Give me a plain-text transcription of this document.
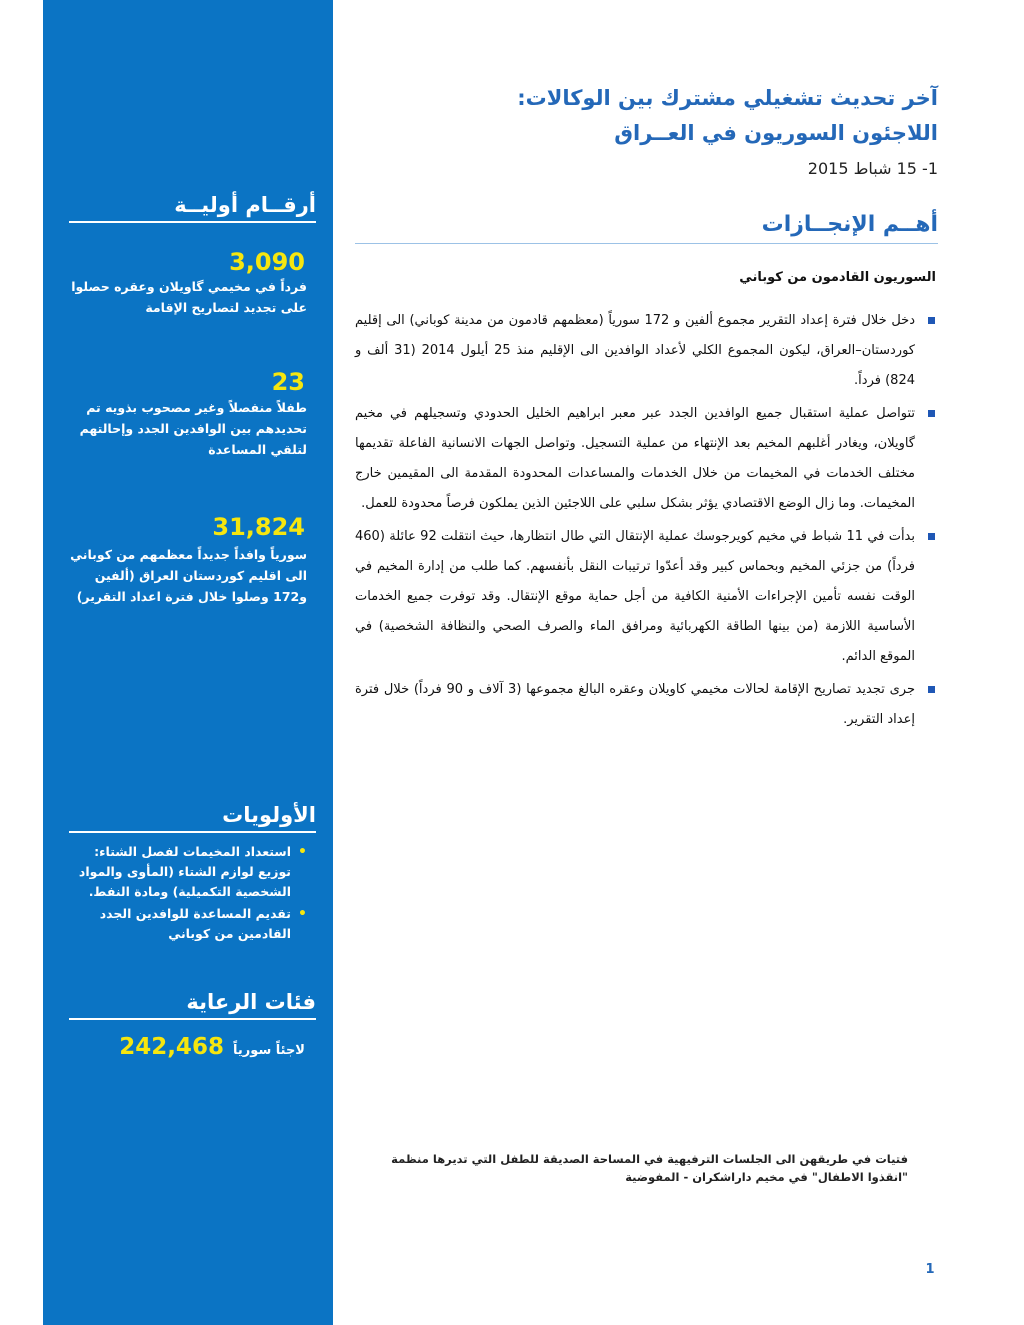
أرقــام أوليــة
3,090
فرداً في مخيمي گاويلان وعقره حصلوا على تجديد لتصاريح الإقامة
23
طفلاً منفصلاً وغير مصحوب بذويه تم تحديدهم بين الوافدين الجدد وإحالتهم لتلقي المساعدة
31,824
سورياً وافداً جديداً معظمهم من كوباني الى اقليم كوردستان العراق (ألفين و172 وصلوا خلال فترة اعداد التقرير)
الأولويات
•
استعداد المخيمات لفصل الشتاء: توزيع لوازم الشتاء (المأوى والمواد الشخصية التكميلية) ومادة النفط.
•
تقديم المساعدة للوافدين الجدد القادمين من كوباني
فئات الرعاية
لاجئاً سورياً 242,468
آخر تحديث تشغيلي مشترك بين الوكالات:
اللاجئون السوريون في العــراق
1- 15 شباط 2015
أهــم الإنجــازات
السوريون القادمون من كوباني
دخل خلال فترة إعداد التقرير مجموع ألفين و 172 سورياً (معظمهم قادمون من مدينة كوباني) الى إقليم كوردستان–العراق، ليكون المجموع الكلي لأعداد الوافدين الى الإقليم منذ 25 أيلول 2014 (31 ألف و 824) فرداً.
تتواصل عملية استقبال جميع الوافدين الجدد عبر معبر ابراهيم الخليل الحدودي وتسجيلهم في مخيم گاويلان، ويغادر أغلبهم المخيم بعد الإنتهاء من عملية التسجيل. وتواصل الجهات الانسانية الفاعلة تقديمها مختلف الخدمات في المخيمات من خلال الخدمات والمساعدات المحدودة المقدمة الى المقيمين خارج المخيمات. وما زال الوضع الاقتصادي يؤثر بشكل سلبي على اللاجئين الذين يملكون فرصاً محدودة للعمل.
بدأت في 11 شباط في مخيم كويرجوسك عملية الإنتقال التي طال انتظارها، حيث انتقلت 92 عائلة (460 فرداً) من جزئي المخيم وبحماس كبير وقد أعدّوا ترتيبات النقل بأنفسهم. كما طلب من إدارة المخيم في الوقت نفسه تأمين الإجراءات الأمنية الكافية من أجل حماية موقع الإنتقال. وقد توفرت جميع الخدمات الأساسية اللازمة (من بينها الطاقة الكهربائية ومرافق الماء والصرف الصحي والنظافة الشخصية) في الموقع الدائم.
جرى تجديد تصاريح الإقامة لحالات مخيمي كاويلان وعقره البالغ مجموعها (3 آلاف و 90 فرداً) خلال فترة إعداد التقرير.
فتيات في طريقهن الى الجلسات الترفيهية في المساحة الصديقة للطفل التي تديرها منظمة "انقذوا الاطفال" في مخيم داراشكران - المفوضية
1
